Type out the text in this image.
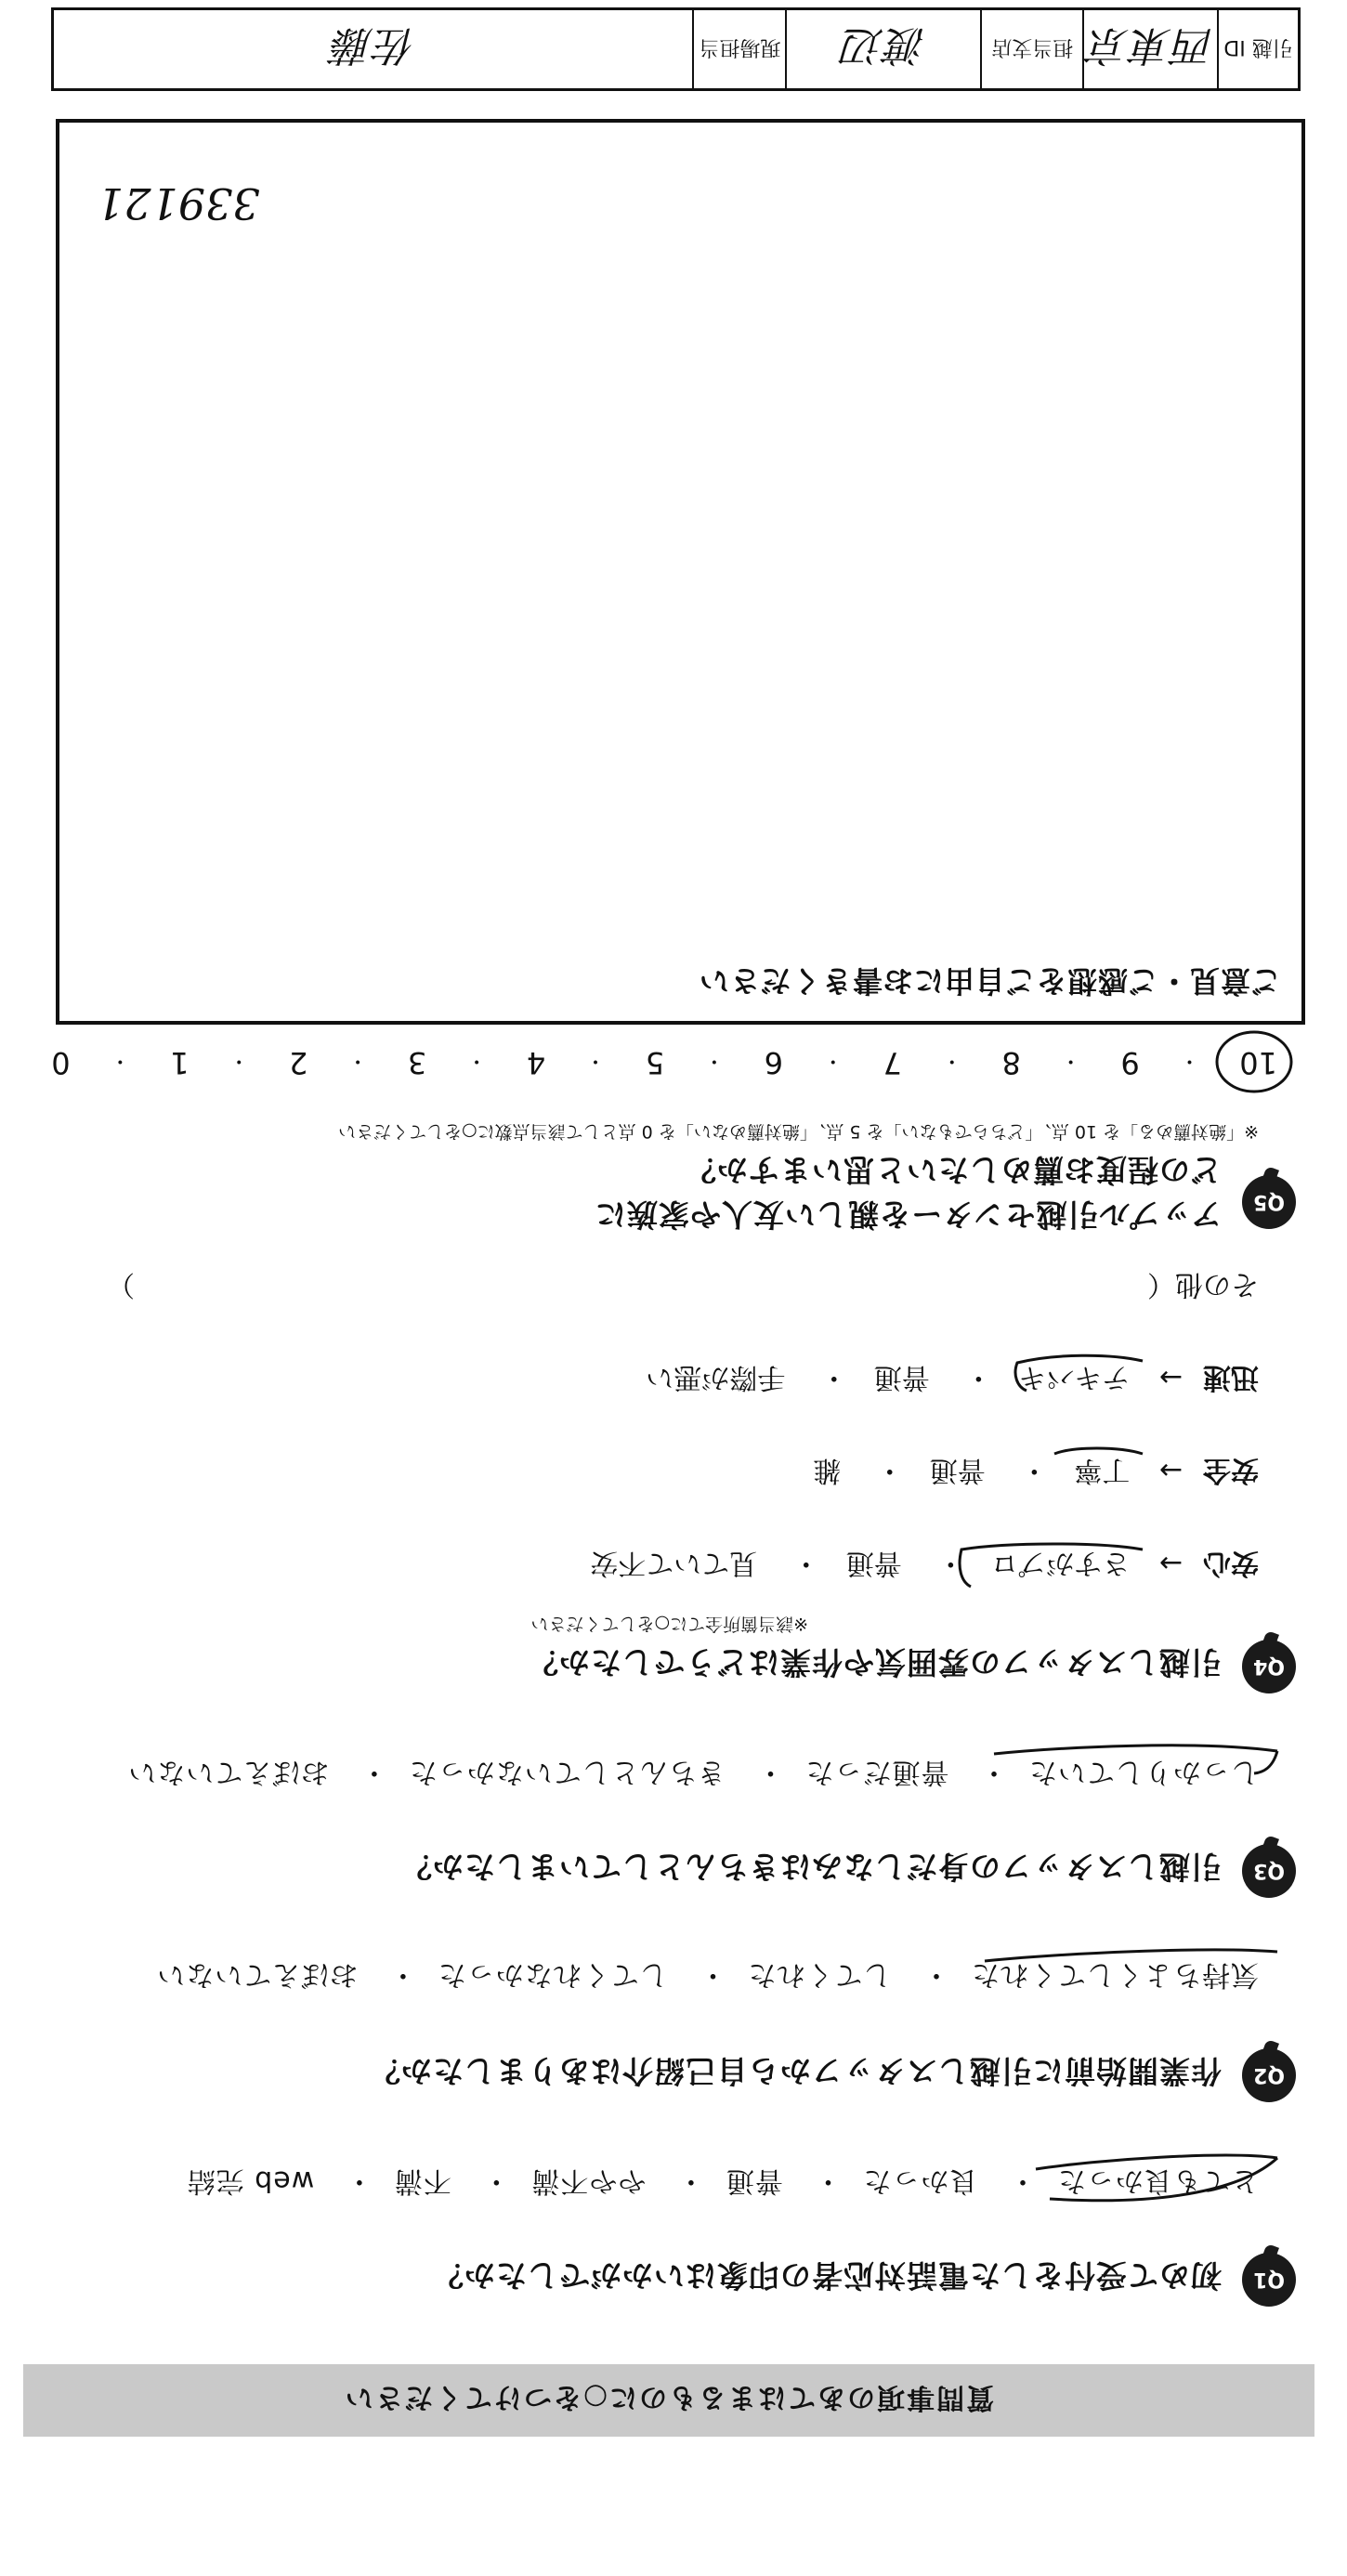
質問事項のあてはまるものに○をつけてください
Q1
初めて受付をした電話対応者の印象はいかがでしたか？
とても良かった・ 良かった・ 普通・ やや不満・ 不満・ web 完結
Q2
作業開始前に引越しスタッフから自己紹介はありましたか？
気持ちよくしてくれた・ してくれた・ してくれなかった・ おぼえていない
Q3
引越しスタッフの身だしなみはきちんとしていましたか？
しっかりしていた・ 普通だった・ きちんとしていなかった・ おぼえていない
Q4
引越しスタッフの雰囲気や作業はどうでしたか？
※該当箇所全てに○をしてください
安心→ さすがプロ・ 普通・ 見ていて不安
安全→ 丁寧・ 普通・ 雑
迅速→ テキパキ・ 普通・ 手際が悪い
その他（
）
Q5
アップル引越センターを親しい友人や家族に
どの程度お薦めしたいと思いますか？
※「絶対薦める」を 10 点、「どちらでもない」を 5 点、「絶対薦めない」を 0 点として該当点数に○をしてください
10
・
9
・
8
・
7
・
6
・
5
・
4
・
3
・
2
・
1
・
0
ご意見・ご感想をご自由にお書きください
339121
引越 ID
西東京
担当支店
渡辺
現場担当
佐藤
